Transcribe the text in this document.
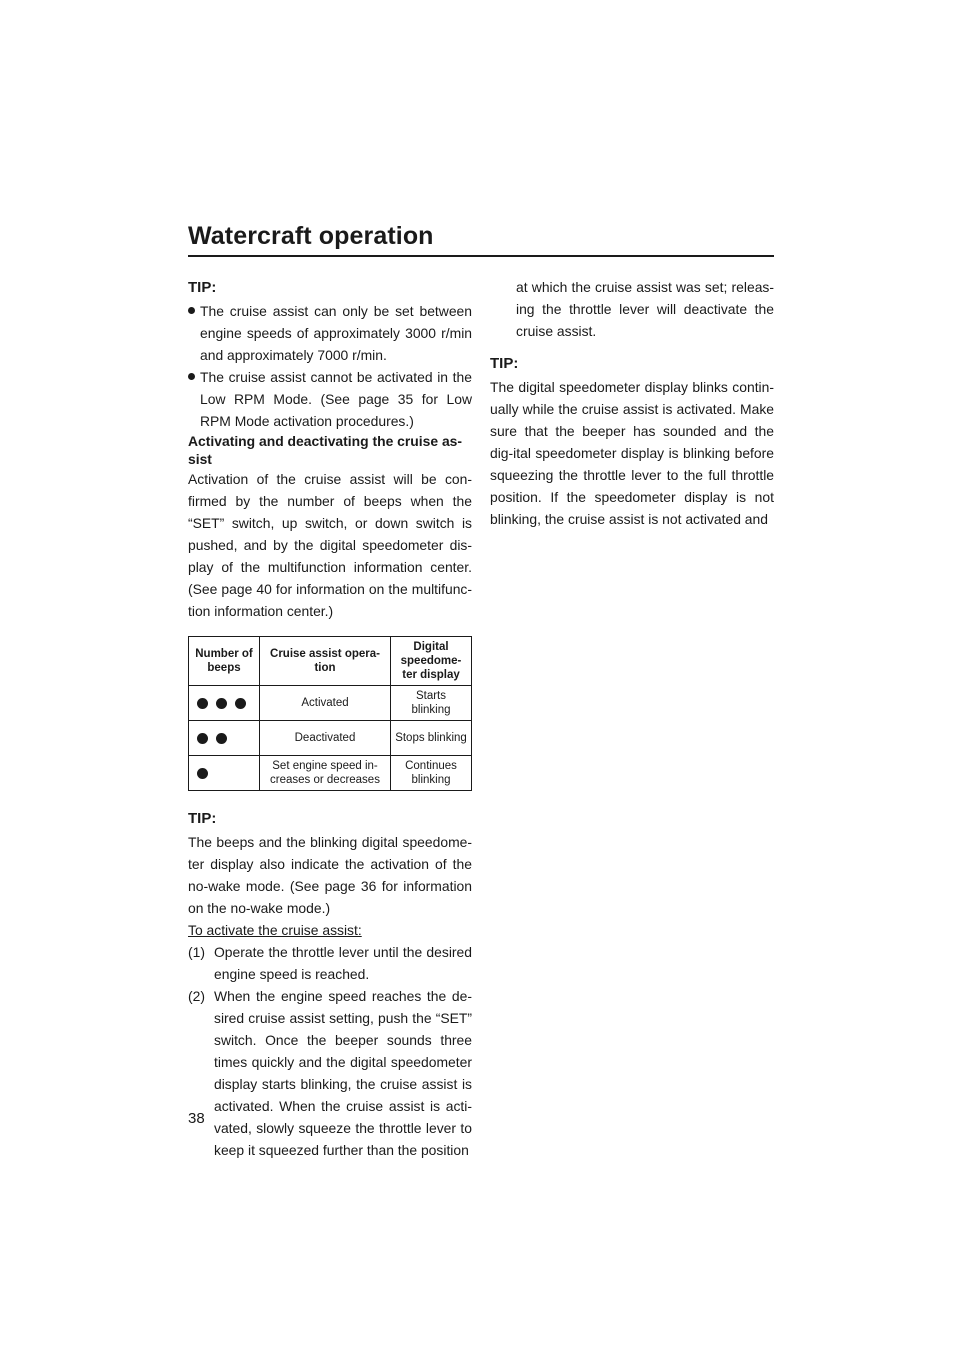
Watercraft operation

TIP:

The cruise assist can only be set between engine speeds of approximately 3000 r/min and approximately 7000 r/min.

The cruise assist cannot be activated in the Low RPM Mode. (See page 35 for Low RPM Mode activation procedures.)

Activating and deactivating the cruise as-sist

Activation of the cruise assist will be con-firmed by the number of beeps when the “SET” switch, up switch, or down switch is pushed, and by the digital speedometer dis-play of the multifunction information center. (See page 40 for information on the multifunc-tion information center.)

Number of beeps	Cruise assist opera-tion	Digital speedome-ter display

	Activated	Starts blinking

	Deactivated	Stops blinking

	Set engine speed in-creases or decreases	Continues blinking

TIP:

The beeps and the blinking digital speedome-ter display also indicate the activation of the no-wake mode. (See page 36 for information on the no-wake mode.)

To activate the cruise assist:

(1) Operate the throttle lever until the desired engine speed is reached.
(2) When the engine speed reaches the de-sired cruise assist setting, push the “SET” switch. Once the beeper sounds three times quickly and the digital speedometer display starts blinking, the cruise assist is activated. When the cruise assist is acti-vated, slowly squeeze the throttle lever to keep it squeezed further than the position

at which the cruise assist was set; releas-ing the throttle lever will deactivate the cruise assist.

TIP:

The digital speedometer display blinks contin-ually while the cruise assist is activated. Make sure that the beeper has sounded and the dig-ital speedometer display is blinking before squeezing the throttle lever to the full throttle position. If the speedometer display is not blinking, the cruise assist is not activated and

38
